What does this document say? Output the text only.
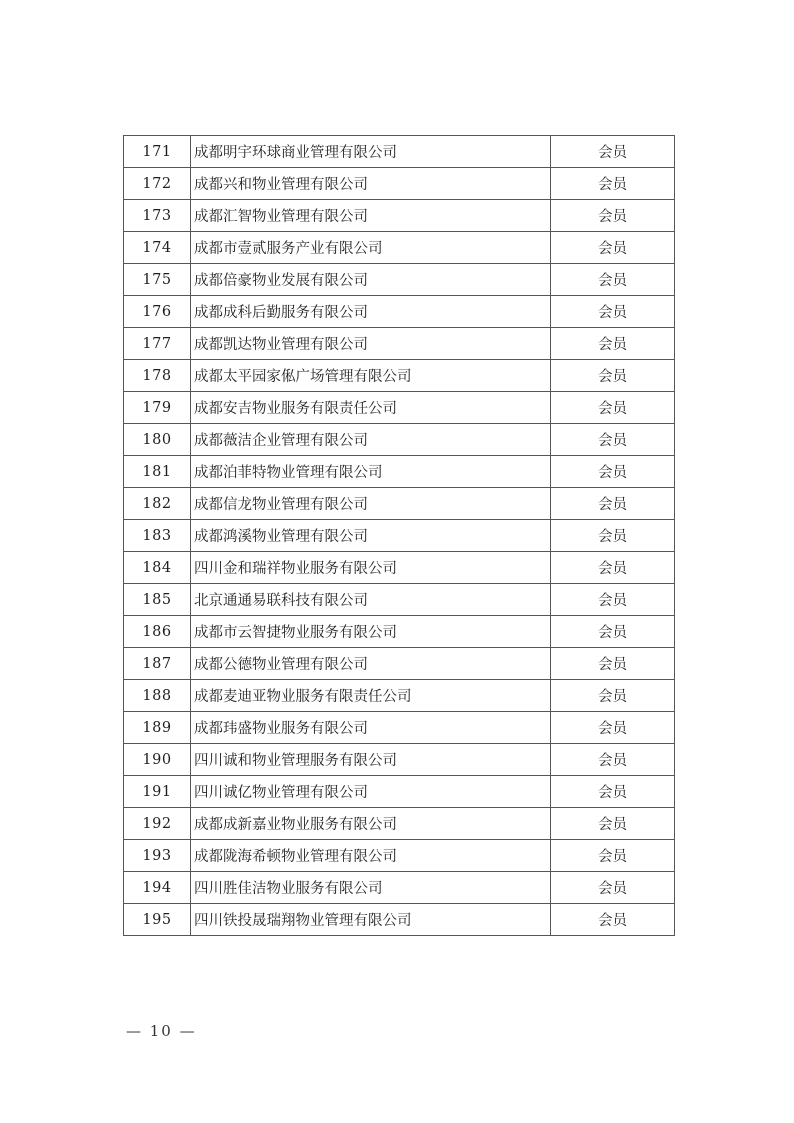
171	成都明宇环球商业管理有限公司	会员
172	成都兴和物业管理有限公司	会员
173	成都汇智物业管理有限公司	会员
174	成都市壹贰服务产业有限公司	会员
175	成都倍豪物业发展有限公司	会员
176	成都成科后勤服务有限公司	会员
177	成都凯达物业管理有限公司	会员
178	成都太平园家俬广场管理有限公司	会员
179	成都安吉物业服务有限责任公司	会员
180	成都薇洁企业管理有限公司	会员
181	成都泊菲特物业管理有限公司	会员
182	成都信龙物业管理有限公司	会员
183	成都鸿溪物业管理有限公司	会员
184	四川金和瑞祥物业服务有限公司	会员
185	北京通通易联科技有限公司	会员
186	成都市云智捷物业服务有限公司	会员
187	成都公德物业管理有限公司	会员
188	成都麦迪亚物业服务有限责任公司	会员
189	成都玮盛物业服务有限公司	会员
190	四川诚和物业管理服务有限公司	会员
191	四川诚亿物业管理有限公司	会员
192	成都成新嘉业物业服务有限公司	会员
193	成都陇海希顿物业管理有限公司	会员
194	四川胜佳洁物业服务有限公司	会员
195	四川铁投晟瑞翔物业管理有限公司	会员
— 10 —
